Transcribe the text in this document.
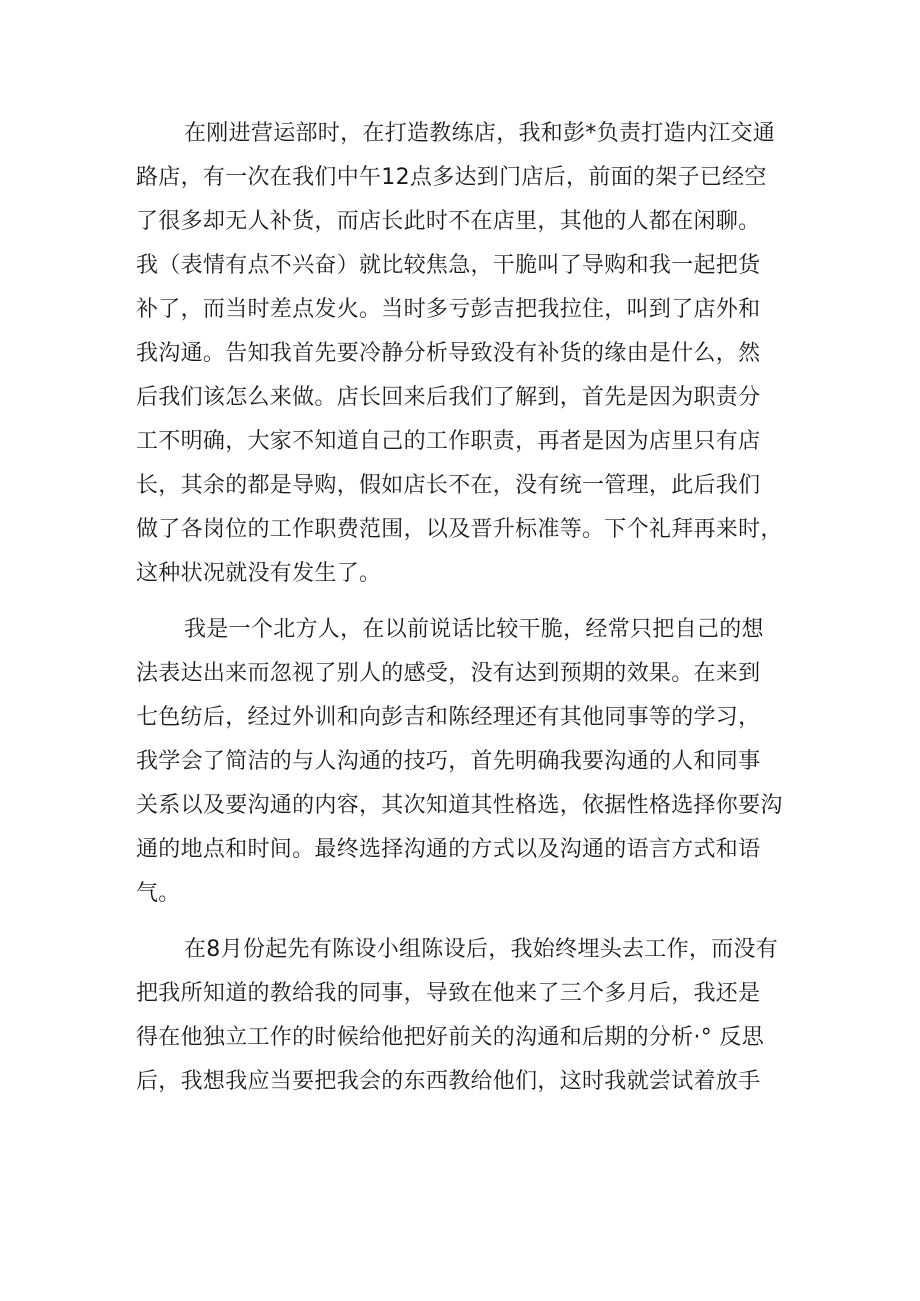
在刚进营运部时，在打造教练店，我和彭*负责打造内江交通
路店，有一次在我们中午12点多达到门店后，前面的架子已经空
了很多却无人补货，而店长此时不在店里，其他的人都在闲聊。
我（表情有点不兴奋）就比较焦急，干脆叫了导购和我一起把货
补了，而当时差点发火。当时多亏彭吉把我拉住，叫到了店外和
我沟通。告知我首先要冷静分析导致没有补货的缘由是什么，然
后我们该怎么来做。店长回来后我们了解到，首先是因为职责分
工不明确，大家不知道自己的工作职责，再者是因为店里只有店
长，其余的都是导购，假如店长不在，没有统一管理，此后我们
做了各岗位的工作职费范围，以及晋升标准等。下个礼拜再来时，
这种状况就没有发生了。
我是一个北方人，在以前说话比较干脆，经常只把自己的想
法表达出来而忽视了别人的感受，没有达到预期的效果。在来到
七色纺后，经过外训和向彭吉和陈经理还有其他同事等的学习，
我学会了简洁的与人沟通的技巧，首先明确我要沟通的人和同事
关系以及要沟通的内容，其次知道其性格选，依据性格选择你要沟
通的地点和时间。最终选择沟通的方式以及沟通的语言方式和语
气。
在8月份起先有陈设小组陈设后，我始终埋头去工作，而没有
把我所知道的教给我的同事，导致在他来了三个多月后，我还是
得在他独立工作的时候给他把好前关的沟通和后期的分析·° 反思
后，我想我应当要把我会的东西教给他们，这时我就尝试着放手
